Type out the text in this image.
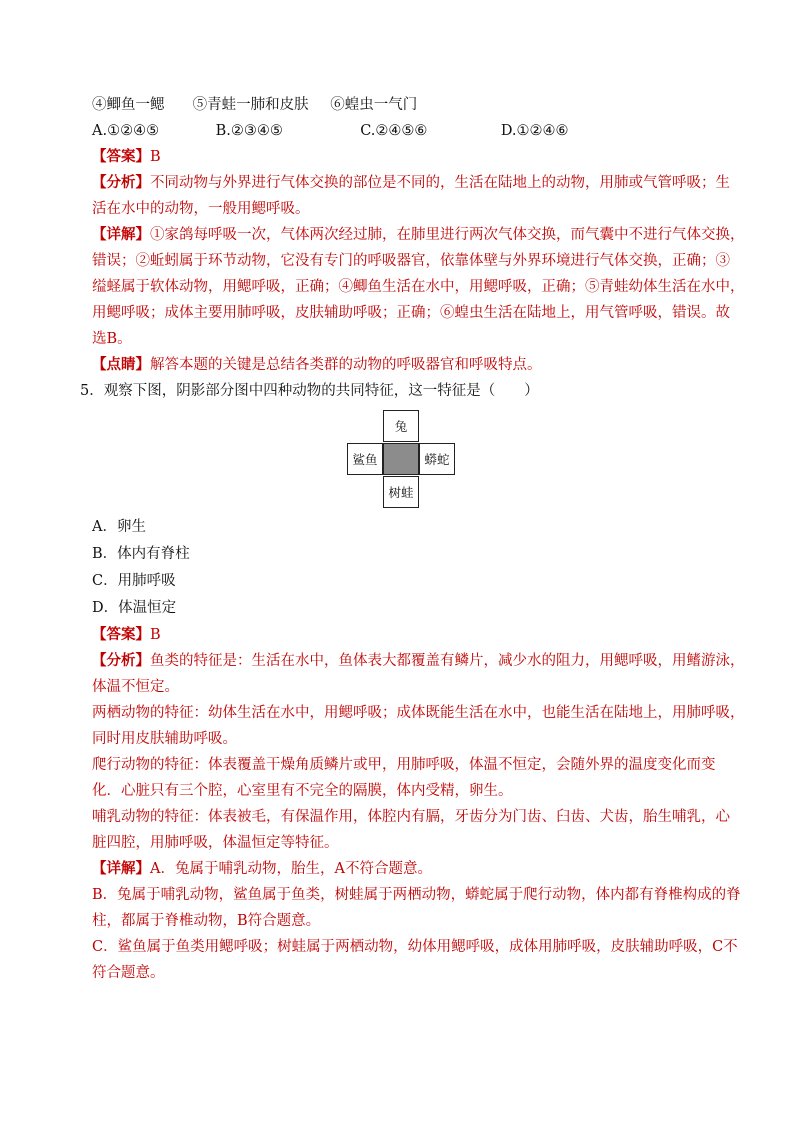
④鲫鱼一鳃 ⑤青蛙一肺和皮肤 ⑥蝗虫一气门
A.①②④⑤	B.②③④⑤	C.②④⑤⑥	D.①②④⑥
【答案】B
【分析】不同动物与外界进行气体交换的部位是不同的，生活在陆地上的动物，用肺或气管呼吸；生
活在水中的动物，一般用鳃呼吸。
【详解】①家鸽每呼吸一次，气体两次经过肺，在肺里进行两次气体交换，而气囊中不进行气体交换，
错误；②蚯蚓属于环节动物，它没有专门的呼吸器官，依靠体壁与外界环境进行气体交换，正确；③
缢蛏属于软体动物，用鳃呼吸，正确；④鲫鱼生活在水中，用鳃呼吸，正确；⑤青蛙幼体生活在水中，
用鳃呼吸；成体主要用肺呼吸，皮肤辅助呼吸；正确；⑥蝗虫生活在陆地上，用气管呼吸，错误。故
选B。
【点睛】解答本题的关键是总结各类群的动物的呼吸器官和呼吸特点。
5．观察下图，阴影部分图中四种动物的共同特征，这一特征是（　　）
兔
鲨鱼	蟒蛇
树蛙
A．卵生
B．体内有脊柱
C．用肺呼吸
D．体温恒定
【答案】B
【分析】鱼类的特征是：生活在水中，鱼体表大都覆盖有鳞片，减少水的阻力，用鳃呼吸，用鳍游泳，
体温不恒定。
两栖动物的特征：幼体生活在水中，用鳃呼吸；成体既能生活在水中，也能生活在陆地上，用肺呼吸，
同时用皮肤辅助呼吸。
爬行动物的特征：体表覆盖干燥角质鳞片或甲，用肺呼吸，体温不恒定，会随外界的温度变化而变
化．心脏只有三个腔，心室里有不完全的隔膜，体内受精，卵生。
哺乳动物的特征：体表被毛，有保温作用，体腔内有膈，牙齿分为门齿、臼齿、犬齿，胎生哺乳，心
脏四腔，用肺呼吸，体温恒定等特征。
【详解】A．兔属于哺乳动物，胎生，A不符合题意。
B．兔属于哺乳动物，鲨鱼属于鱼类，树蛙属于两栖动物，蟒蛇属于爬行动物，体内都有脊椎构成的脊
柱，都属于脊椎动物，B符合题意。
C．鲨鱼属于鱼类用鳃呼吸；树蛙属于两栖动物，幼体用鳃呼吸，成体用肺呼吸，皮肤辅助呼吸，C不
符合题意。
